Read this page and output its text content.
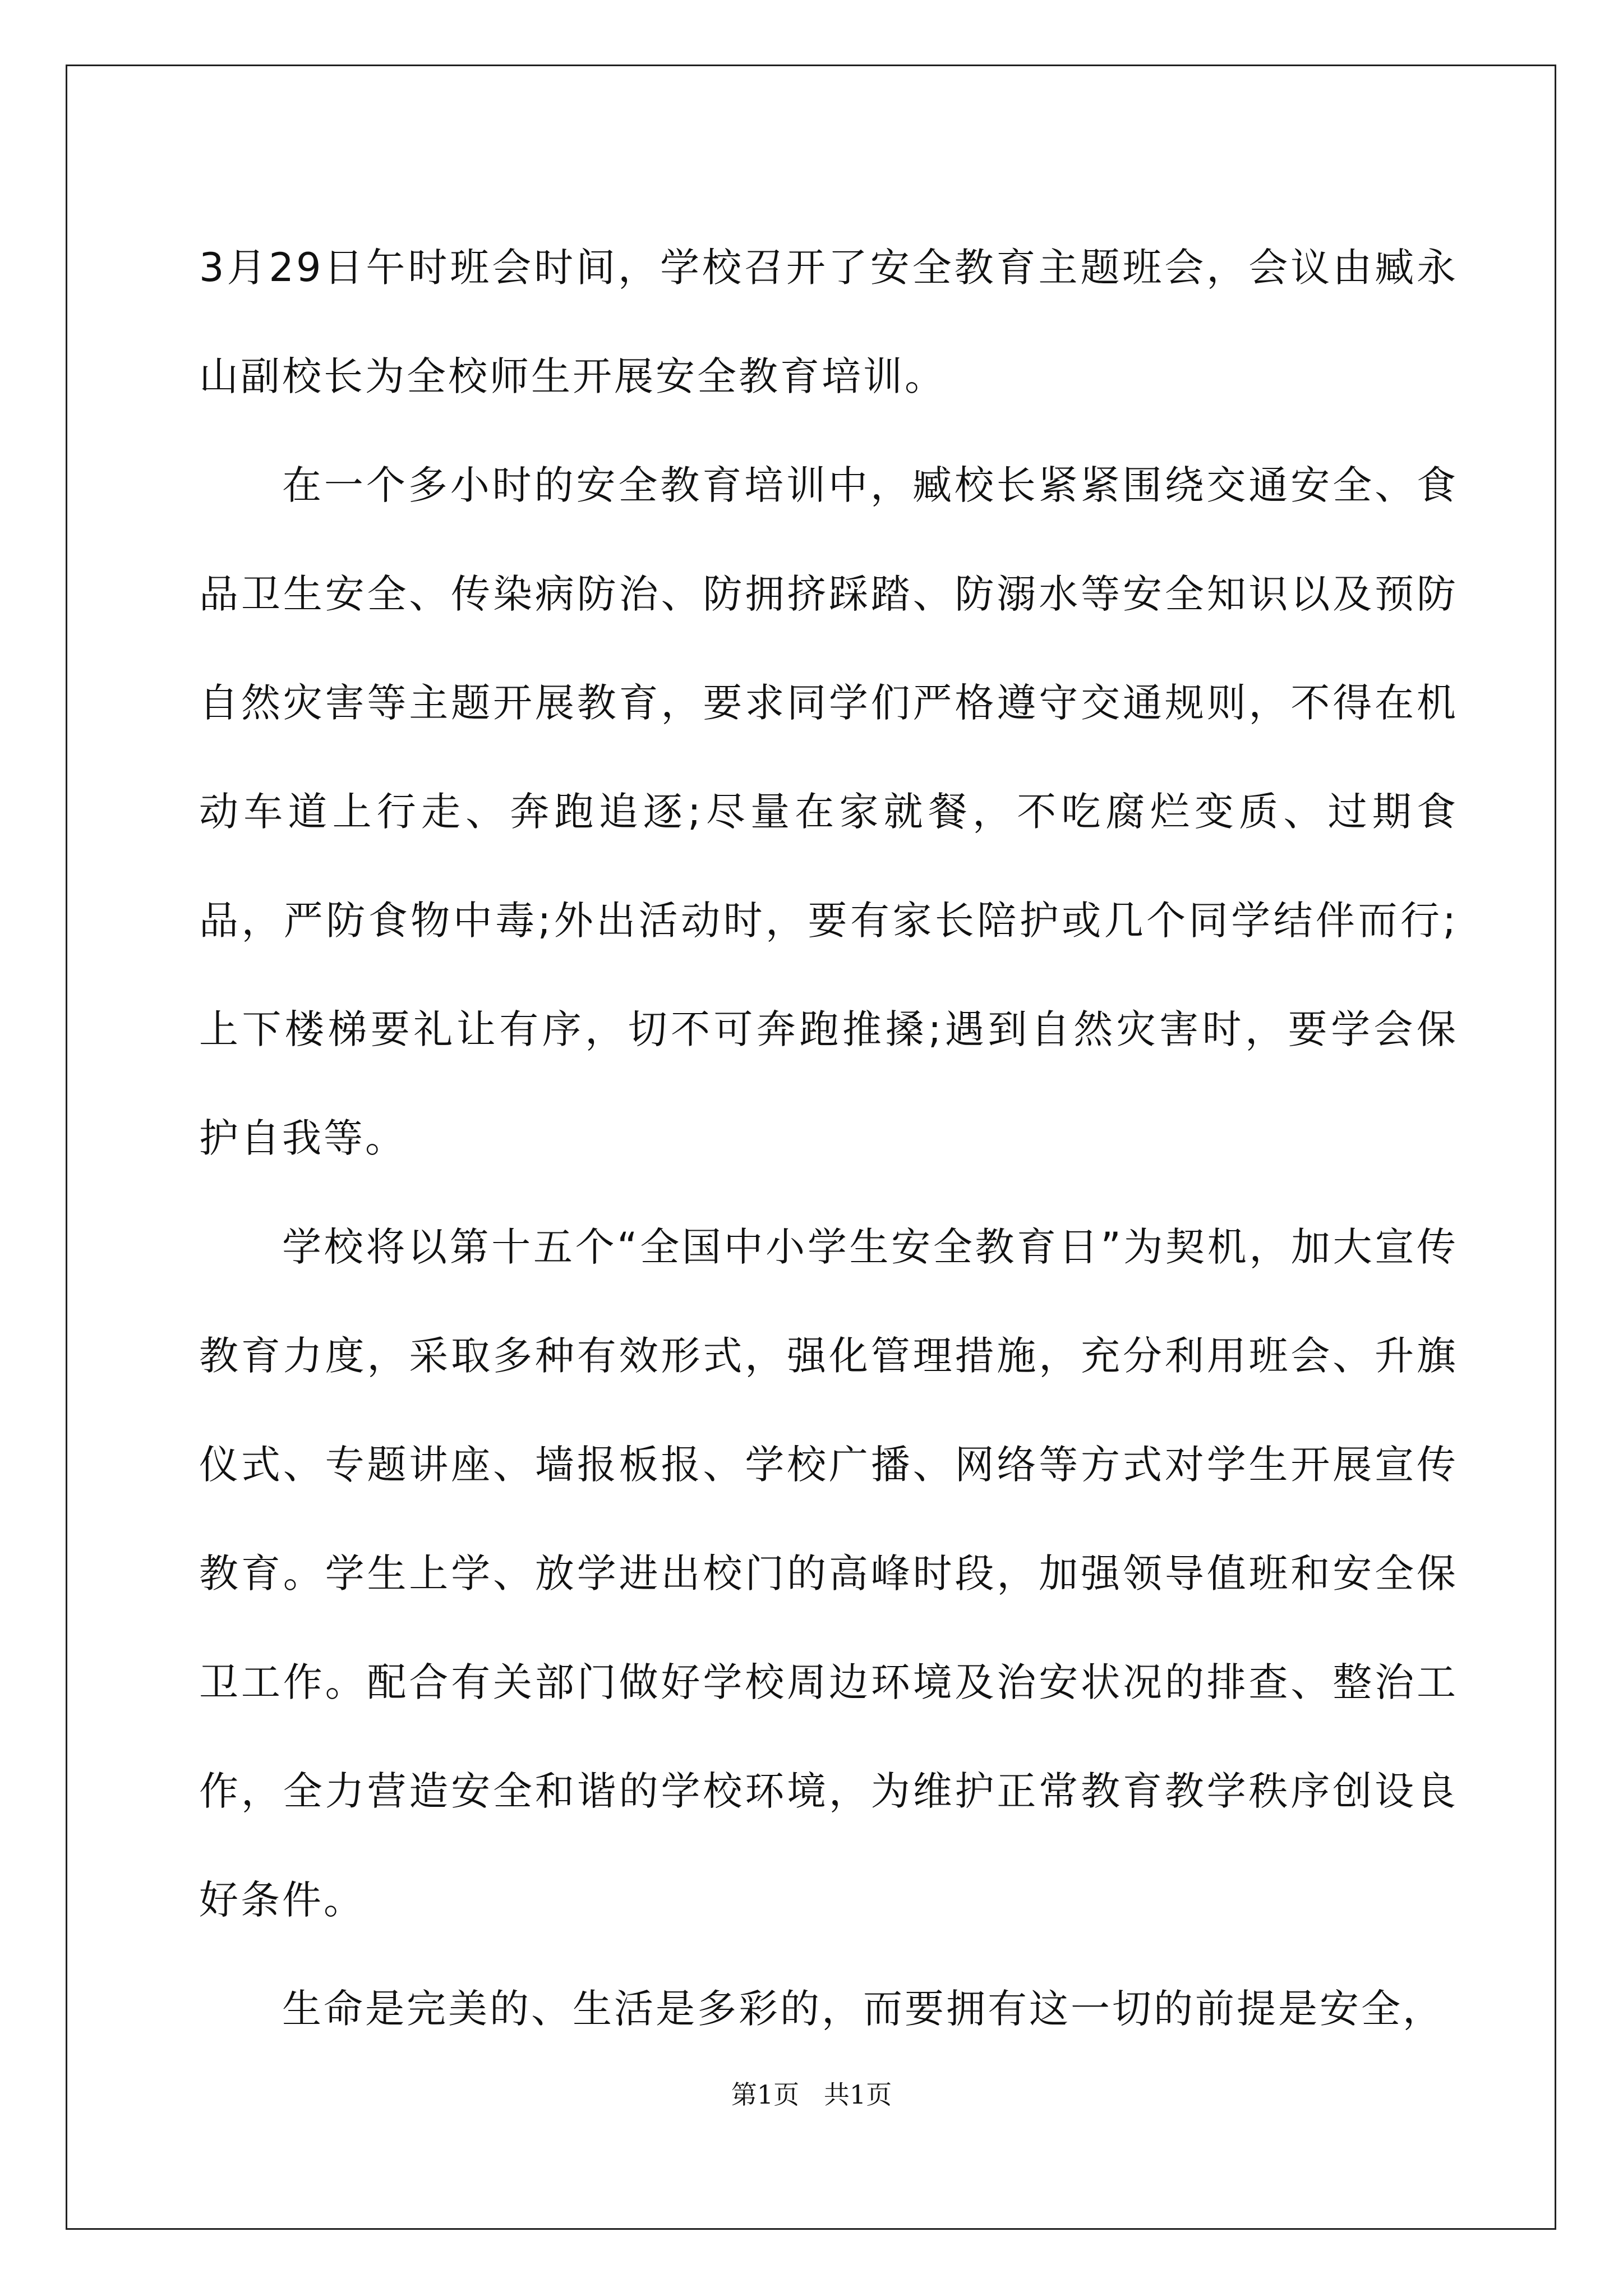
3月29日午时班会时间，学校召开了安全教育主题班会，会议由臧永山副校长为全校师生开展安全教育培训。

在一个多小时的安全教育培训中，臧校长紧紧围绕交通安全、食品卫生安全、传染病防治、防拥挤踩踏、防溺水等安全知识以及预防自然灾害等主题开展教育，要求同学们严格遵守交通规则，不得在机动车道上行走、奔跑追逐;尽量在家就餐，不吃腐烂变质、过期食品，严防食物中毒;外出活动时，要有家长陪护或几个同学结伴而行;上下楼梯要礼让有序，切不可奔跑推搡;遇到自然灾害时，要学会保护自我等。

学校将以第十五个“全国中小学生安全教育日”为契机，加大宣传教育力度，采取多种有效形式，强化管理措施，充分利用班会、升旗仪式、专题讲座、墙报板报、学校广播、网络等方式对学生开展宣传教育。学生上学、放学进出校门的高峰时段，加强领导值班和安全保卫工作。配合有关部门做好学校周边环境及治安状况的排查、整治工作，全力营造安全和谐的学校环境，为维护正常教育教学秩序创设良好条件。

生命是完美的、生活是多彩的，而要拥有这一切的前提是安全，

第1页   共1页
